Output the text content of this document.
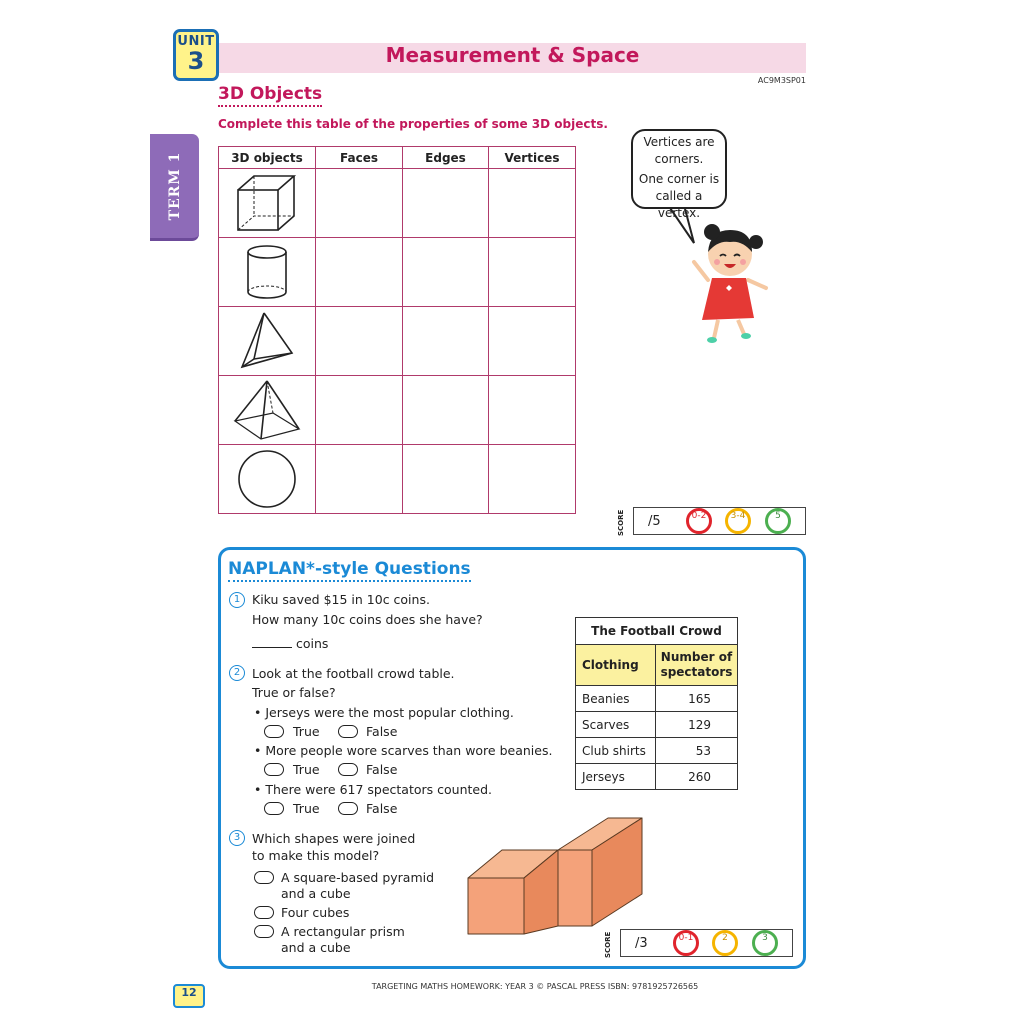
Measurement & Space
UNIT
3
AC9M3SP01
3D Objects
Complete this table of the properties of some 3D objects.
TERM 1	3D objects	Faces	Edges	Vertices

Vertices are corners.

One corner is called a vertex.

/5	0-2	3-4	5
SCORE
NAPLAN*-style Questions
1 Kiku saved $15 in 10c coins.
How many 10c coins does she have?
coins
2 Look at the football crowd table.
True or false?
• Jerseys were the most popular clothing.
True	False
• More people wore scarves than wore beanies.
True	False
• There were 617 spectators counted.
True	False
3 Which shapes were joined
to make this model?
A square-based pyramid
and a cube
Four cubes
A rectangular prism
and a cube
The Football Crowd	
Clothing	Number of
spectators
Beanies	165
Scarves	129
Club shirts	53
Jerseys	260
/3	0-1	2	3
SCORE
12	TARGETING MATHS HOMEWORK: YEAR 3 © PASCAL PRESS ISBN: 9781925726565
